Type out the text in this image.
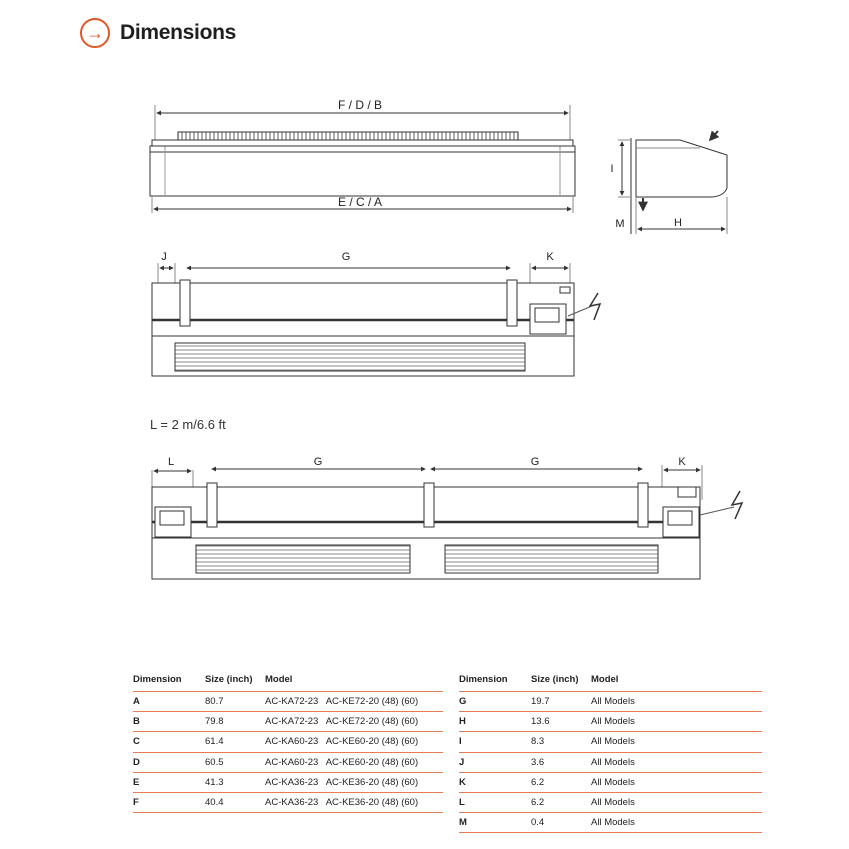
→ Dimensions
F / D / B
E / C / A
I
M	H
J	G	K
L	G	G	K
L = 2 m/6.6 ft
Dimension	Size (inch)	Model
A	80.7	AC-KA72-23   AC-KE72-20 (48) (60)
B	79.8	AC-KA72-23   AC-KE72-20 (48) (60)
C	61.4	AC-KA60-23   AC-KE60-20 (48) (60)
D	60.5	AC-KA60-23   AC-KE60-20 (48) (60)
E	41.3	AC-KA36-23   AC-KE36-20 (48) (60)
F	40.4	AC-KA36-23   AC-KE36-20 (48) (60)
Dimension	Size (inch)	Model
G	19.7	All Models
H	13.6	All Models
I	8.3	All Models
J	3.6	All Models
K	6.2	All Models
L	6.2	All Models
M	0.4	All Models
